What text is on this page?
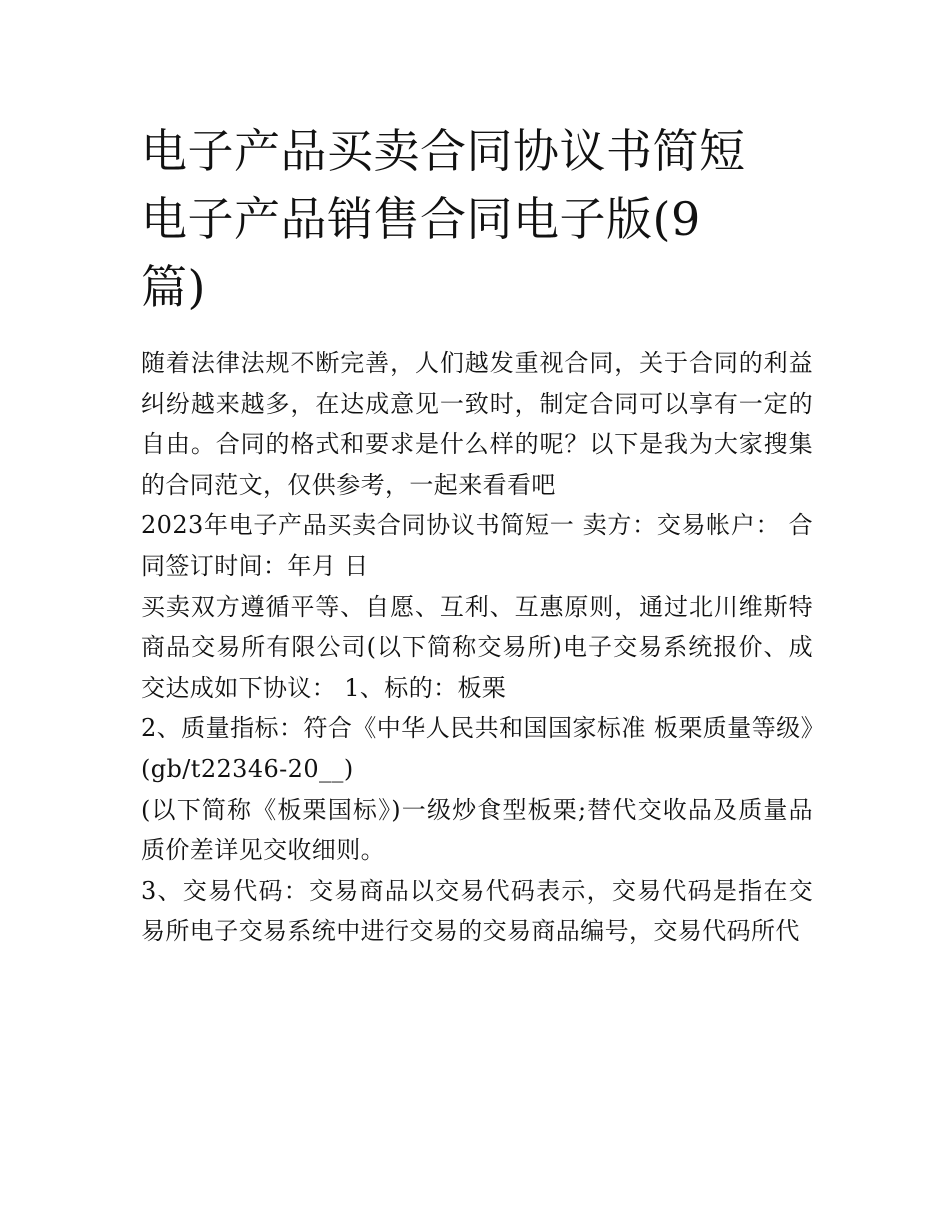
电子产品买卖合同协议书简短
电子产品销售合同电子版(9
篇)

随着法律法规不断完善，人们越发重视合同，关于合同的利益纠纷越来越多，在达成意见一致时，制定合同可以享有一定的自由。合同的格式和要求是什么样的呢？以下是我为大家搜集的合同范文，仅供参考，一起来看看吧

2023年电子产品买卖合同协议书简短一 卖方：交易帐户： 合同签订时间：年月 日

买卖双方遵循平等、自愿、互利、互惠原则，通过北川维斯特商品交易所有限公司(以下简称交易所)电子交易系统报价、成交达成如下协议： 1、标的：板栗

2、质量指标：符合《中华人民共和国国家标准 板栗质量等级》(gb/t22346-20__)

(以下简称《板栗国标》)一级炒食型板栗;替代交收品及质量品质价差详见交收细则。

3、交易代码：交易商品以交易代码表示，交易代码是指在交易所电子交易系统中进行交易的交易商品编号，交易代码所代
